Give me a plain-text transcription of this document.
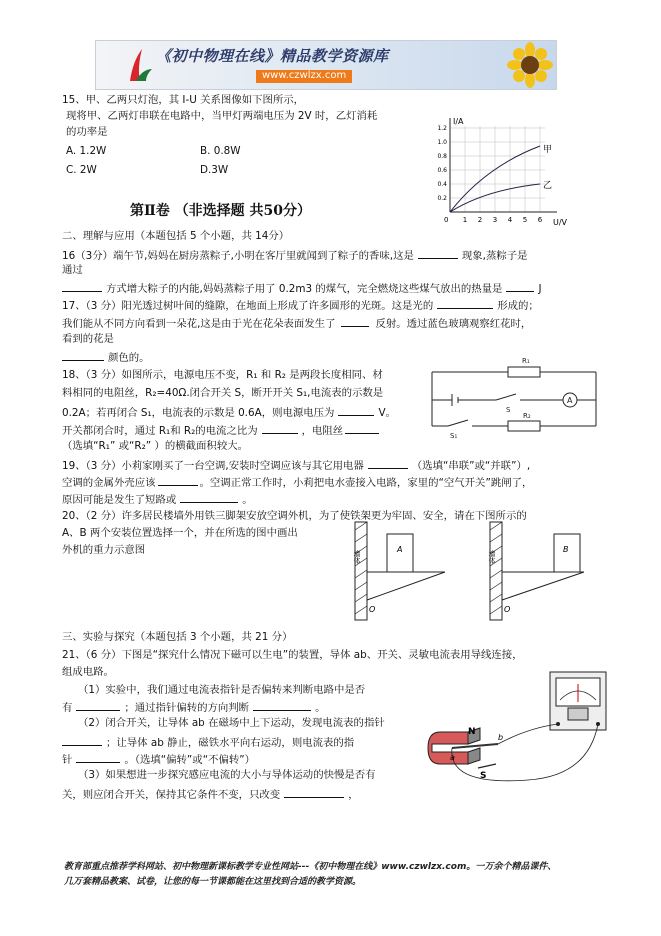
《初中物理在线》精品教学资源库
www.czwlzx.com
15、甲、乙两只灯泡，其 I-U 关系图像如下图所示，
现将甲、乙两灯串联在电路中，当甲灯两端电压为 2V 时，乙灯消耗
的功率是
A. 1.2W	B. 0.8W
C. 2W	D.3W
I/A
U/V
0
0.2
0.4
0.6
0.8
1.0
1.2
1 2 3 4 5 6
甲
乙
第Ⅱ卷 （非选择题 共50分）
二、理解与应用（本题包括 5 个小题，共 14分）
16（3分）端午节,妈妈在厨房蒸粽子,小明在客厅里就闻到了粽子的香味,这是	现象,蒸粽子是
通过
方式增大粽子的内能,妈妈蒸粽子用了 0.2m3 的煤气，完全燃烧这些煤气放出的热量是	J
17、（3 分）阳光透过树叶间的缝隙，在地面上形成了许多圆形的光斑。这是光的	形成的；
我们能从不同方向看到一朵花,这是由于光在花朵表面发生了	反射。透过蓝色玻璃观察红花时，
看到的花是
颜色的。
18、（3 分）如图所示，电源电压不变，R₁ 和 R₂ 是两段长度相同、材
料相同的电阻丝，R₂=40Ω.闭合开关 S，断开开关 S₁,电流表的示数是
0.2A；若再闭合 S₁，电流表的示数是 0.6A，则电源电压为	V。
开关都闭合时，通过 R₁和 R₂的电流之比为	，电阻丝
（选填“R₁” 或“R₂” ）的横截面积较大。
R₁
R₂
S
S₁
A
19、（3 分）小莉家刚买了一台空调,安装时空调应该与其它用电器	（选填“串联”或“并联”）,
空调的金属外壳应该	。空调正常工作时，小莉把电水壶接入电路，家里的“空气开关”跳闸了，
原因可能是发生了短路或	。
20、（2 分）许多居民楼墙外用铁三脚架安放空调外机，为了使铁架更为牢固、安全，请在下图所示的
A、B 两个安装位置选择一个，并在所选的图中画出
外机的重力示意图	墙体
A
O
墙体
B
O
三、实验与探究（本题包括 3 个小题，共 21 分）
21、（6 分）下图是“探究什么情况下磁可以生电”的装置，导体 ab、开关、灵敏电流表用导线连接，
组成电路。
（1）实验中，我们通过电流表指针是否偏转来判断电路中是否
有	；通过指针偏转的方向判断	。
（2）闭合开关，让导体 ab 在磁场中上下运动，发现电流表的指针
；让导体 ab 静止，磁铁水平向右运动，则电流表的指
针	。（选填“偏转”或“不偏转”）
（3）如果想进一步探究感应电流的大小与导体运动的快慢是否有
关，则应闭合开关，保持其它条件不变，只改变	，
N
S
a
b
教育部重点推荐学科网站、初中物理新课标教学专业性网站---《初中物理在线》www.czwlzx.com。一万余个精品课件、
几万套精品教案、试卷，让您的每一节课都能在这里找到合适的教学资源。
